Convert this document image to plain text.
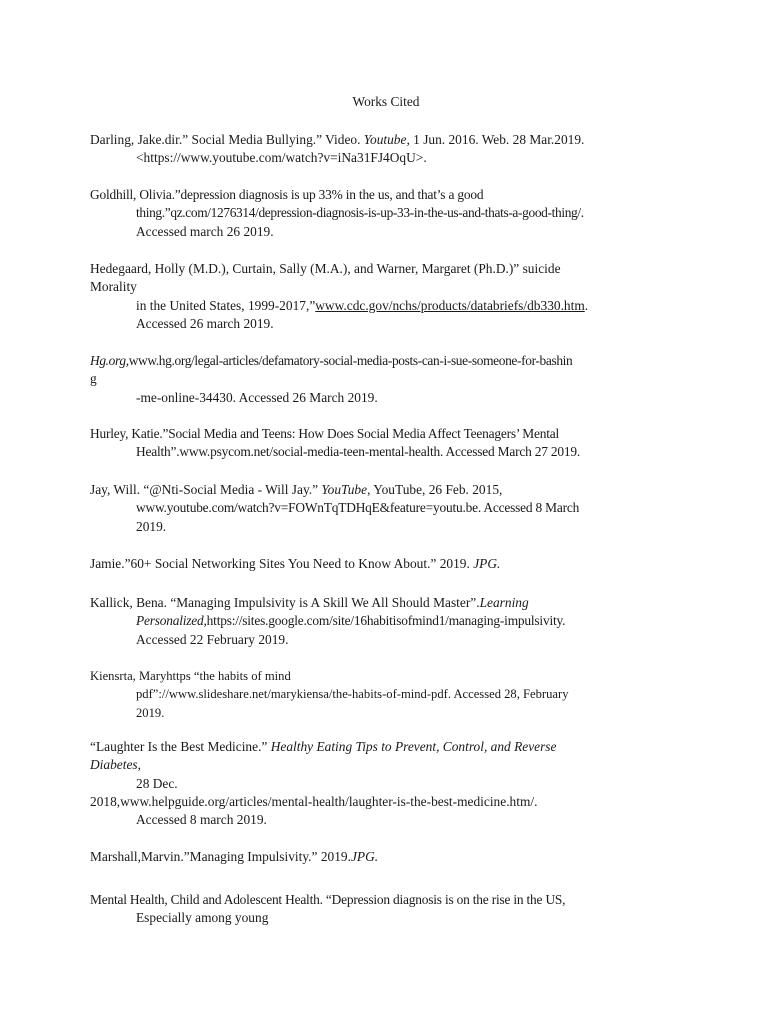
Works Cited
Darling, Jake.dir.” Social Media Bullying.” Video. Youtube, 1 Jun. 2016. Web. 28 Mar.2019.
<https://www.youtube.com/watch?v=iNa31FJ4OqU>.
Goldhill, Olivia.”depression diagnosis is up 33% in the us, and that’s a good
thing.”qz.com/1276314/depression-diagnosis-is-up-33-in-the-us-and-thats-a-good-thing/.
Accessed march 26 2019.
Hedegaard, Holly (M.D.), Curtain, Sally (M.A.), and Warner, Margaret (Ph.D.)” suicide
Morality
in the United States, 1999-2017,”www.cdc.gov/nchs/products/databriefs/db330.htm.
Accessed 26 march 2019.
Hg.org,www.hg.org/legal-articles/defamatory-social-media-posts-can-i-sue-someone-for-bashin
g
-me-online-34430. Accessed 26 March 2019.
Hurley, Katie.”Social Media and Teens: How Does Social Media Affect Teenagers’ Mental
Health”.www.psycom.net/social-media-teen-mental-health. Accessed March 27 2019.
Jay, Will. “@Nti-Social Media - Will Jay.” YouTube, YouTube, 26 Feb. 2015,
www.youtube.com/watch?v=FOWnTqTDHqE&feature=youtu.be. Accessed 8 March
2019.
Jamie.”60+ Social Networking Sites You Need to Know About.” 2019. JPG.
Kallick, Bena. “Managing Impulsivity is A Skill We All Should Master”.Learning
Personalized,https://sites.google.com/site/16habitisofmind1/managing-impulsivity.
Accessed 22 February 2019.
Kiensrta, Maryhttps “the habits of mind
pdf”://www.slideshare.net/marykiensa/the-habits-of-mind-pdf. Accessed 28, February
2019.
“Laughter Is the Best Medicine.” Healthy Eating Tips to Prevent, Control, and Reverse
Diabetes,
28 Dec.
2018,www.helpguide.org/articles/mental-health/laughter-is-the-best-medicine.htm/.
Accessed 8 march 2019.
Marshall,Marvin.”Managing Impulsivity.” 2019.JPG.
Mental Health, Child and Adolescent Health. “Depression diagnosis is on the rise in the US,
Especially among young
